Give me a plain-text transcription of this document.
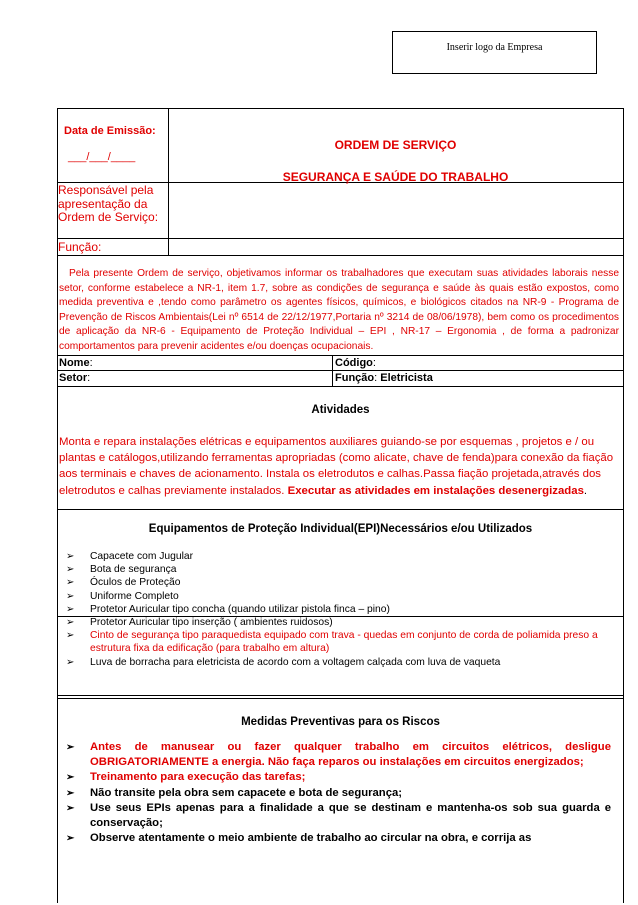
Inserir logo da Empresa
Data de Emissão:
___/___/____
ORDEM DE SERVIÇO
SEGURANÇA E SAÚDE DO TRABALHO
Responsável pela apresentação da Ordem de Serviço:
Função:
Pela presente Ordem de serviço, objetivamos informar os trabalhadores que executam suas atividades laborais nesse setor, conforme estabelece a NR-1, item 1.7, sobre as condições de segurança e saúde às quais estão expostos, como medida preventiva e ,tendo como parâmetro os agentes físicos, químicos, e biológicos citados na NR-9 - Programa de Prevenção de Riscos Ambientais(Lei nº 6514 de 22/12/1977,Portaria nº 3214 de 08/06/1978), bem como os procedimentos de aplicação da NR-6 - Equipamento de Proteção Individual – EPI , NR-17 – Ergonomia , de forma a padronizar comportamentos para prevenir acidentes e/ou doenças ocupacionais.
Nome:	Código:
Setor:	Função: Eletricista
Atividades
Monta e repara instalações elétricas e equipamentos auxiliares guiando-se por esquemas , projetos e / ou plantas e catálogos,utilizando ferramentas apropriadas (como alicate, chave de fenda)para conexão da fiação aos terminais e chaves de acionamento. Instala os eletrodutos e calhas.Passa fiação projetada,através dos eletrodutos e calhas previamente instalados. Executar as atividades em instalações desenergizadas.
Equipamentos de Proteção Individual(EPI)Necessários e/ou Utilizados
➢ Capacete com Jugular
➢ Bota de segurança
➢ Óculos de Proteção
➢ Uniforme Completo
➢ Protetor Auricular tipo concha (quando utilizar pistola finca – pino)
➢ Protetor Auricular tipo inserção ( ambientes ruidosos)
➢ Cinto de segurança tipo paraquedista equipado com trava - quedas em conjunto de corda de poliamida preso a estrutura fixa da edificação (para trabalho em altura)
➢ Luva de borracha para eletricista de acordo com a voltagem calçada com luva de vaqueta
Medidas Preventivas para os Riscos
➢ Antes de manusear ou fazer qualquer trabalho em circuitos elétricos, desligue OBRIGATORIAMENTE a energia. Não faça reparos ou instalações em circuitos energizados;
➢ Treinamento para execução das tarefas;
➢ Não transite pela obra sem capacete e bota de segurança;
➢ Use seus EPIs apenas para a finalidade a que se destinam e mantenha-os sob sua guarda e conservação;
➢ Observe atentamente o meio ambiente de trabalho ao circular na obra, e corrija as
